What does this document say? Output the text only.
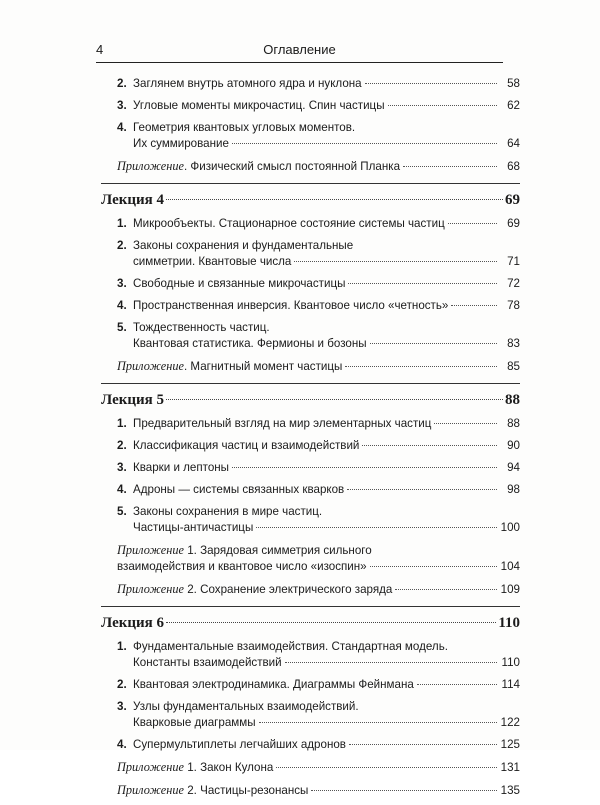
4	Оглавление
2. Заглянем внутрь атомного ядра и нуклона	58
3. Угловые моменты микрочастиц. Спин частицы	62
4. Геометрия квантовых угловых моментов.
Их суммирование	64
Приложение. Физический смысл постоянной Планка	68
Лекция 4	69
1. Микрообъекты. Стационарное состояние системы частиц	69
2. Законы сохранения и фундаментальные
симметрии. Квантовые числа	71
3. Свободные и связанные микрочастицы	72
4. Пространственная инверсия. Квантовое число «четность»	78
5. Тождественность частиц.
Квантовая статистика. Фермионы и бозоны	83
Приложение. Магнитный момент частицы	85
Лекция 5	88
1. Предварительный взгляд на мир элементарных частиц	88
2. Классификация частиц и взаимодействий	90
3. Кварки и лептоны	94
4. Адроны — системы связанных кварков	98
5. Законы сохранения в мире частиц.
Частицы-античастицы	100
Приложение 1. Зарядовая симметрия сильного
взаимодействия и квантовое число «изоспин»	104
Приложение 2. Сохранение электрического заряда	109
Лекция 6	110
1. Фундаментальные взаимодействия. Стандартная модель.
Константы взаимодействий	110
2. Квантовая электродинамика. Диаграммы Фейнмана	114
3. Узлы фундаментальных взаимодействий.
Кварковые диаграммы	122
4. Супермультиплеты легчайших адронов	125
Приложение 1. Закон Кулона	131
Приложение 2. Частицы-резонансы	135
